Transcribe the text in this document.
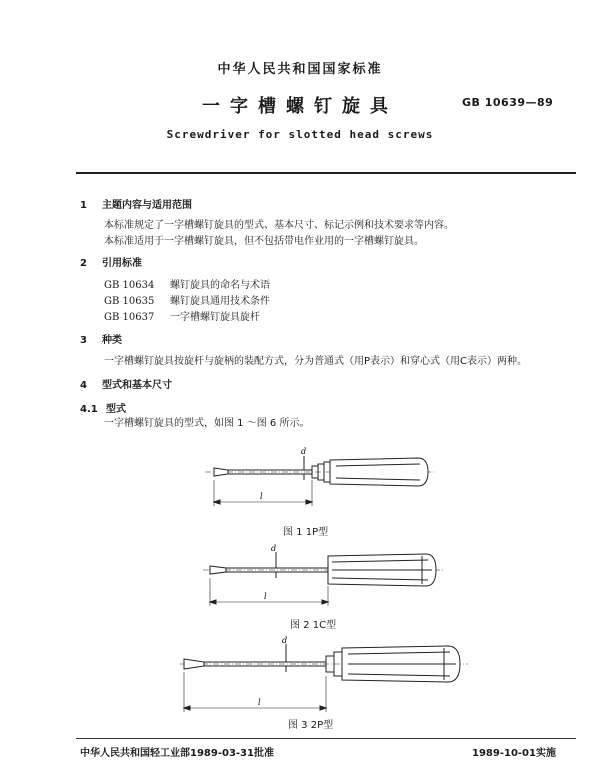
中华人民共和国国家标准
一字槽螺钉旋具	GB 10639—89
Screwdriver for slotted head screws
1 主题内容与适用范围
本标准规定了一字槽螺钉旋具的型式、基本尺寸、标记示例和技术要求等内容。
本标准适用于一字槽螺钉旋具，但不包括带电作业用的一字槽螺钉旋具。
2 引用标准
GB 10634 螺钉旋具的命名与术语
GB 10635 螺钉旋具通用技术条件
GB 10637 一字槽螺钉旋具旋杆
3 种类
一字槽螺钉旋具按旋杆与旋柄的装配方式，分为普通式（用P表示）和穿心式（用C表示）两种。
4 型式和基本尺寸
4.1 型式
一字槽螺钉旋具的型式，如图 1 ～图 6 所示。
d
l
图 1 1P型
d
l
图 2 1C型
d
l
图 3 2P型
中华人民共和国轻工业部1989-03-31批准	1989-10-01实施
